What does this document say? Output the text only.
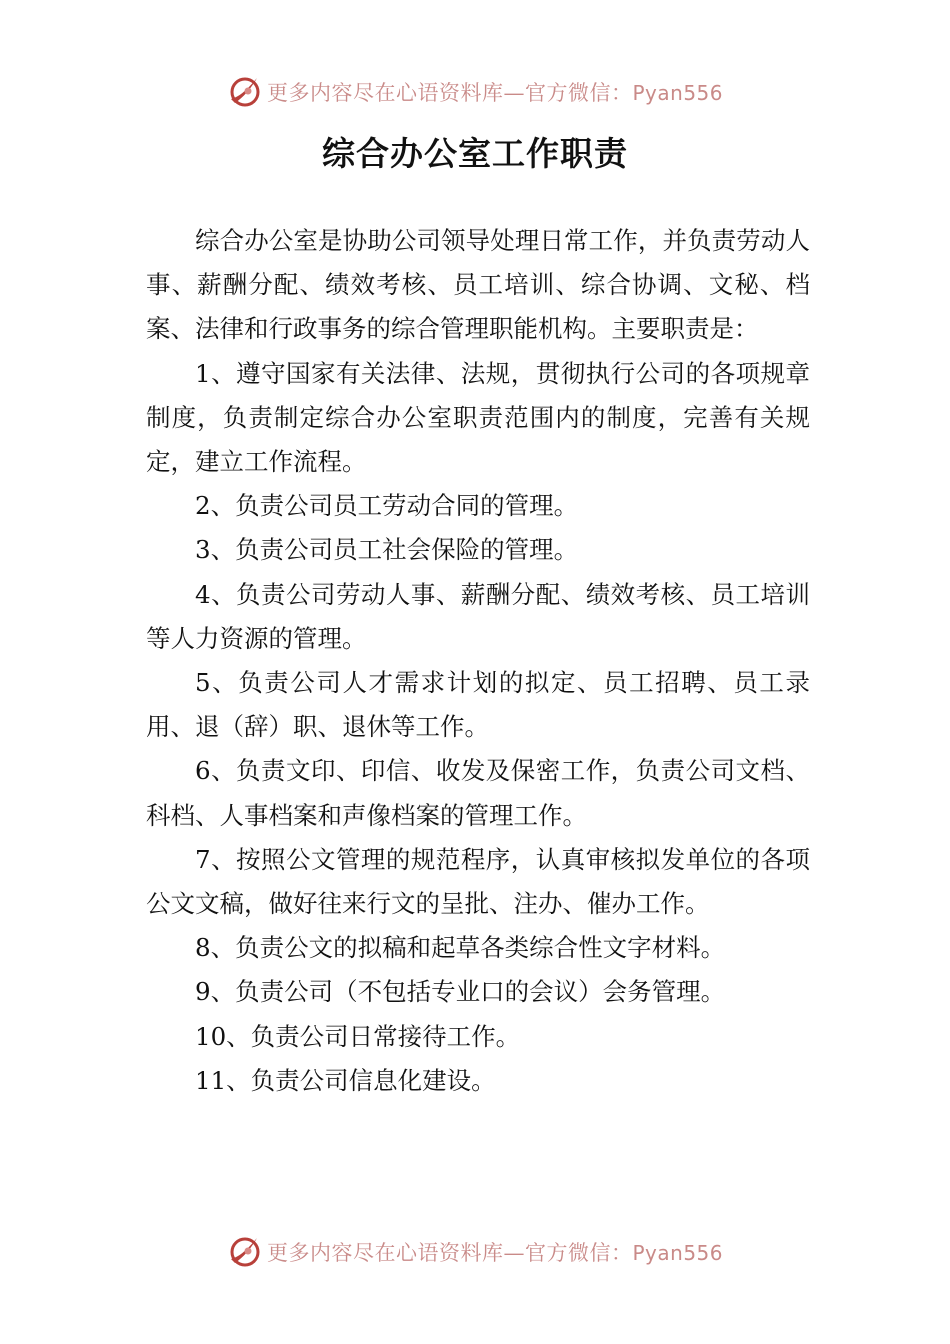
更多内容尽在心语资料库—官方微信：Pyan556
综合办公室工作职责

综合办公室是协助公司领导处理日常工作，并负责劳动人事、薪酬分配、绩效考核、员工培训、综合协调、文秘、档案、法律和行政事务的综合管理职能机构。主要职责是：

1、遵守国家有关法律、法规，贯彻执行公司的各项规章制度，负责制定综合办公室职责范围内的制度，完善有关规定，建立工作流程。

2、负责公司员工劳动合同的管理。

3、负责公司员工社会保险的管理。

4、负责公司劳动人事、薪酬分配、绩效考核、员工培训等人力资源的管理。

5、负责公司人才需求计划的拟定、员工招聘、员工录用、退（辞）职、退休等工作。

6、负责文印、印信、收发及保密工作，负责公司文档、科档、人事档案和声像档案的管理工作。

7、按照公文管理的规范程序，认真审核拟发单位的各项公文文稿，做好往来行文的呈批、注办、催办工作。

8、负责公文的拟稿和起草各类综合性文字材料。

9、负责公司（不包括专业口的会议）会务管理。

10、负责公司日常接待工作。

11、负责公司信息化建设。

更多内容尽在心语资料库—官方微信：Pyan556
